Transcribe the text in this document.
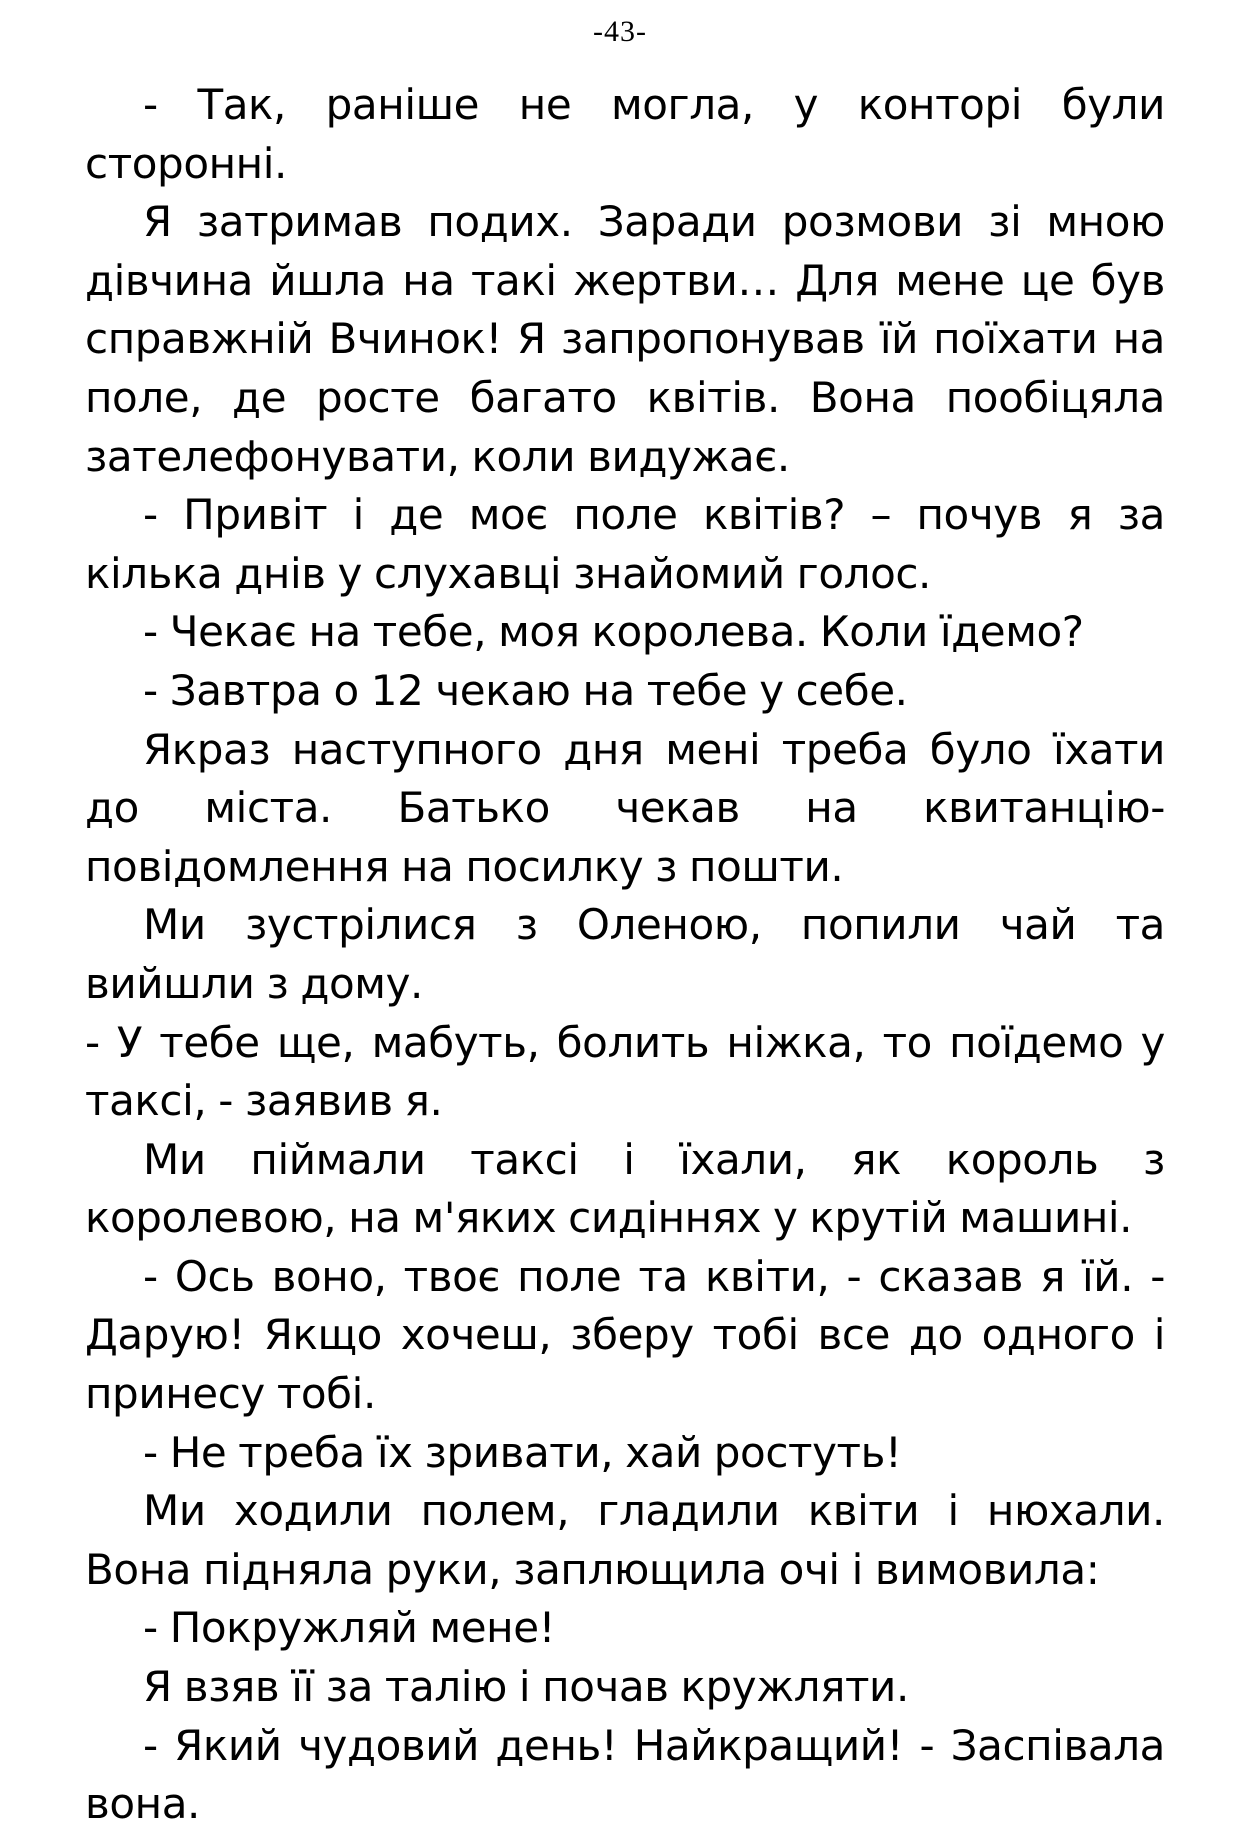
-43-

- Так, раніше не могла, у конторі були сторонні.

Я затримав подих. Заради розмови зі мною дівчина йшла на такі жертви… Для мене це був справжній Вчинок! Я запропонував їй поїхати на поле, де росте багато квітів. Вона пообіцяла зателефонувати, коли видужає.

- Привіт і де моє поле квітів? – почув я за кілька днів у слухавці знайомий голос.

- Чекає на тебе, моя королева. Коли їдемо?

- Завтра о 12 чекаю на тебе у себе.

Якраз наступного дня мені треба було їхати до міста. Батько чекав на квитанцію-повідомлення на посилку з пошти.

Ми зустрілися з Оленою, попили чай та вийшли з дому.

- У тебе ще, мабуть, болить ніжка, то поїдемо у таксі, - заявив я.

Ми піймали таксі і їхали, як король з королевою, на м'яких сидіннях у крутій машині.

- Ось воно, твоє поле та квіти, - сказав я їй. - Дарую! Якщо хочеш, зберу тобі все до одного і принесу тобі.

- Не треба їх зривати, хай ростуть!

Ми ходили полем, гладили квіти і нюхали. Вона підняла руки, заплющила очі і вимовила:

- Покружляй мене!

Я взяв її за талію і почав кружляти.

- Який чудовий день! Найкращий! - Заспівала вона.
